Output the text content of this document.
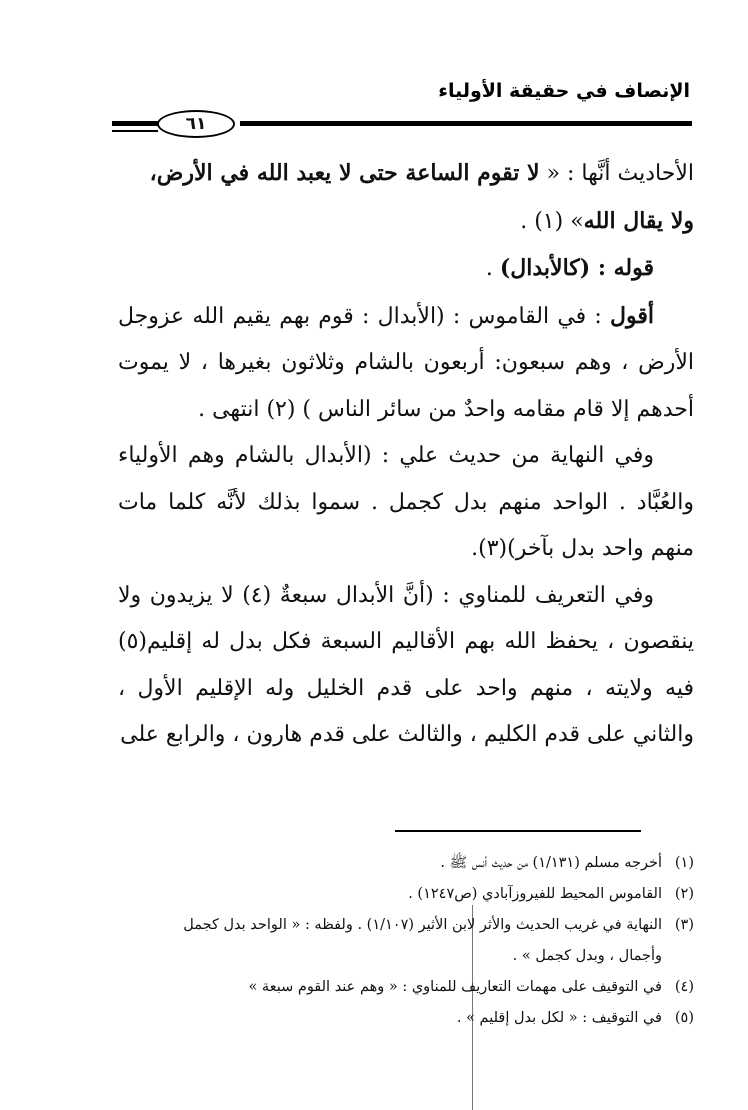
الإنصاف في حقيقة الأولياء
٦١

الأحاديث أنَّها : « لا تقوم الساعة حتى لا يعبد الله في الأرض،
ولا يقال الله» (١) .

قوله : (كالأبدال) .

أقول : في القاموس : (الأبدال : قوم بهم يقيم الله عزوجل الأرض ، وهم سبعون: أربعون بالشام وثلاثون بغيرها ، لا يموت أحدهم إلا قام مقامه واحدٌ من سائر الناس ) (٢) انتهى .

وفي النهاية من حديث علي : (الأبدال بالشام وهم الأولياء والعُبَّاد . الواحد منهم بدل كجمل . سموا بذلك لأنَّه كلما مات منهم واحد بدل بآخر)(٣).

وفي التعريف للمناوي : (أنَّ الأبدال سبعةٌ (٤) لا يزيدون ولا ينقصون ، يحفظ الله بهم الأقاليم السبعة فكل بدل له إقليم(٥) فيه ولايته ، منهم واحد على قدم الخليل وله الإقليم الأول ، والثاني على قدم الكليم ، والثالث على قدم هارون ، والرابع على

(١)أخرجه مسلم (١/١٣١) من حديث أنس ﷺ .

(٢)القاموس المحيط للفيروزآبادي (ص١٢٤٧) .

(٣)النهاية في غريب الحديث والأثر لابن الأثير (١/١٠٧) . ولفظه : « الواحد بدل كجمل

وأجمال ، وبدل كجمل » .

(٤)في التوقيف على مهمات التعاريف للمناوي : « وهم عند القوم سبعة »

(٥)في التوقيف : « لكل بدل إقليم » .
